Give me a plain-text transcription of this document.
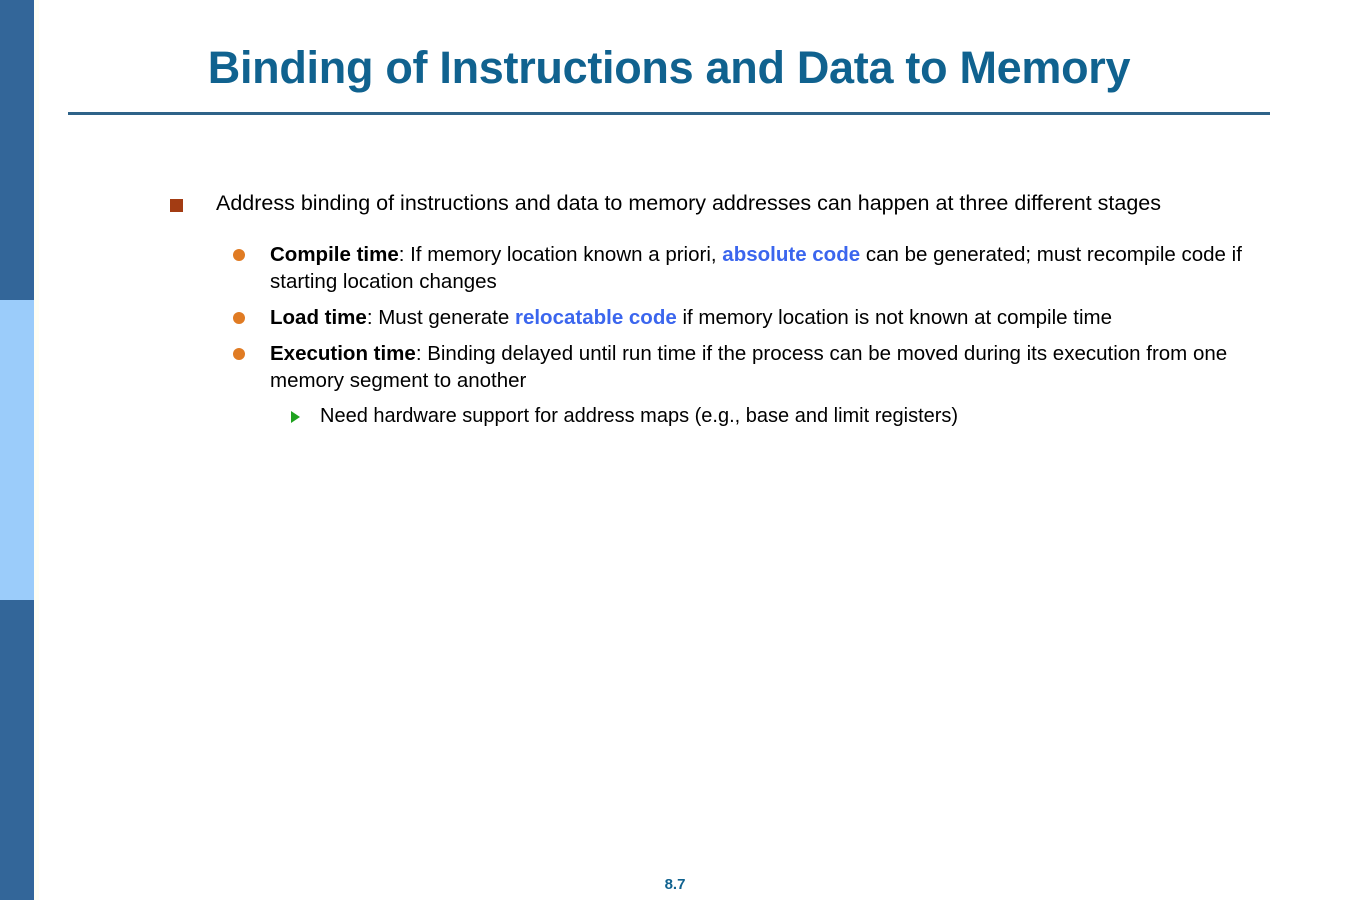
Binding of Instructions and Data to Memory
Address binding of instructions and data to memory addresses can happen at three different stages
Compile time: If memory location known a priori, absolute code can be generated; must recompile code if starting location changes
Load time: Must generate relocatable code if memory location is not known at compile time
Execution time: Binding delayed until run time if the process can be moved during its execution from one memory segment to another
Need hardware support for address maps (e.g., base and limit registers)
8.7
